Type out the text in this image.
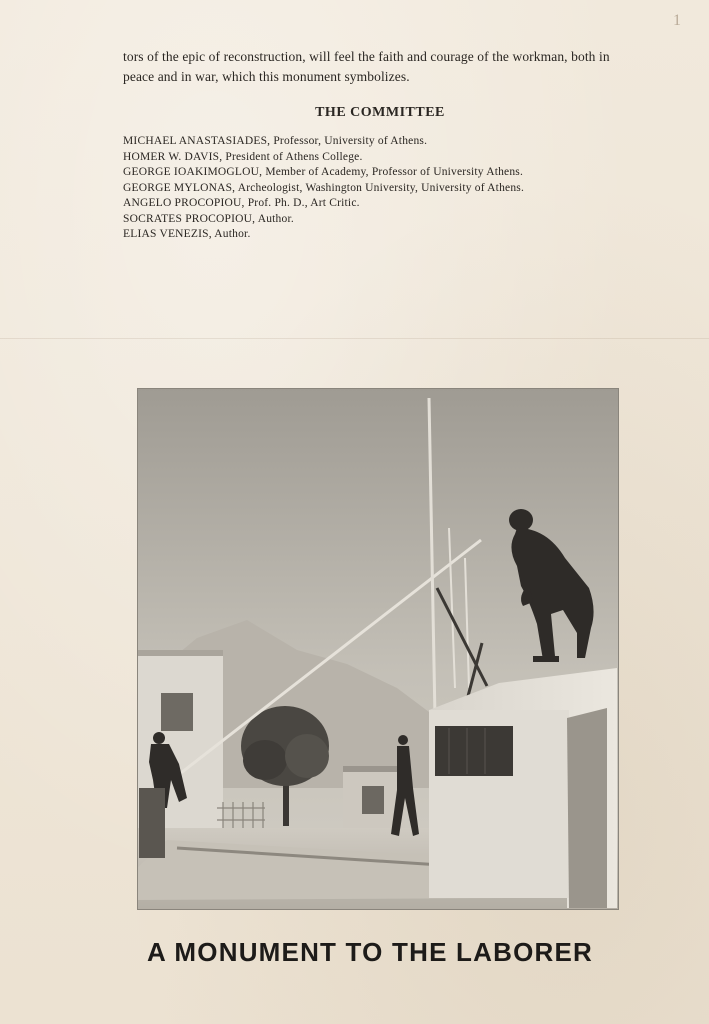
1

tors of the epic of reconstruction, will feel the faith and courage of the workman, both in peace and in war, which this monument symbolizes.

THE COMMITTEE
MICHAEL ANASTASIADES, Professor, University of Athens.
HOMER W. DAVIS, President of Athens College.
GEORGE IOAKIMOGLOU, Member of Academy, Professor of University Athens.
GEORGE MYLONAS, Archeologist, Washington University, University of Athens.
ANGELO PROCOPIOU, Prof. Ph. D., Art Critic.
SOCRATES PROCOPIOU, Author.
ELIAS VENEZIS, Author.
A MONUMENT TO THE LABORER
